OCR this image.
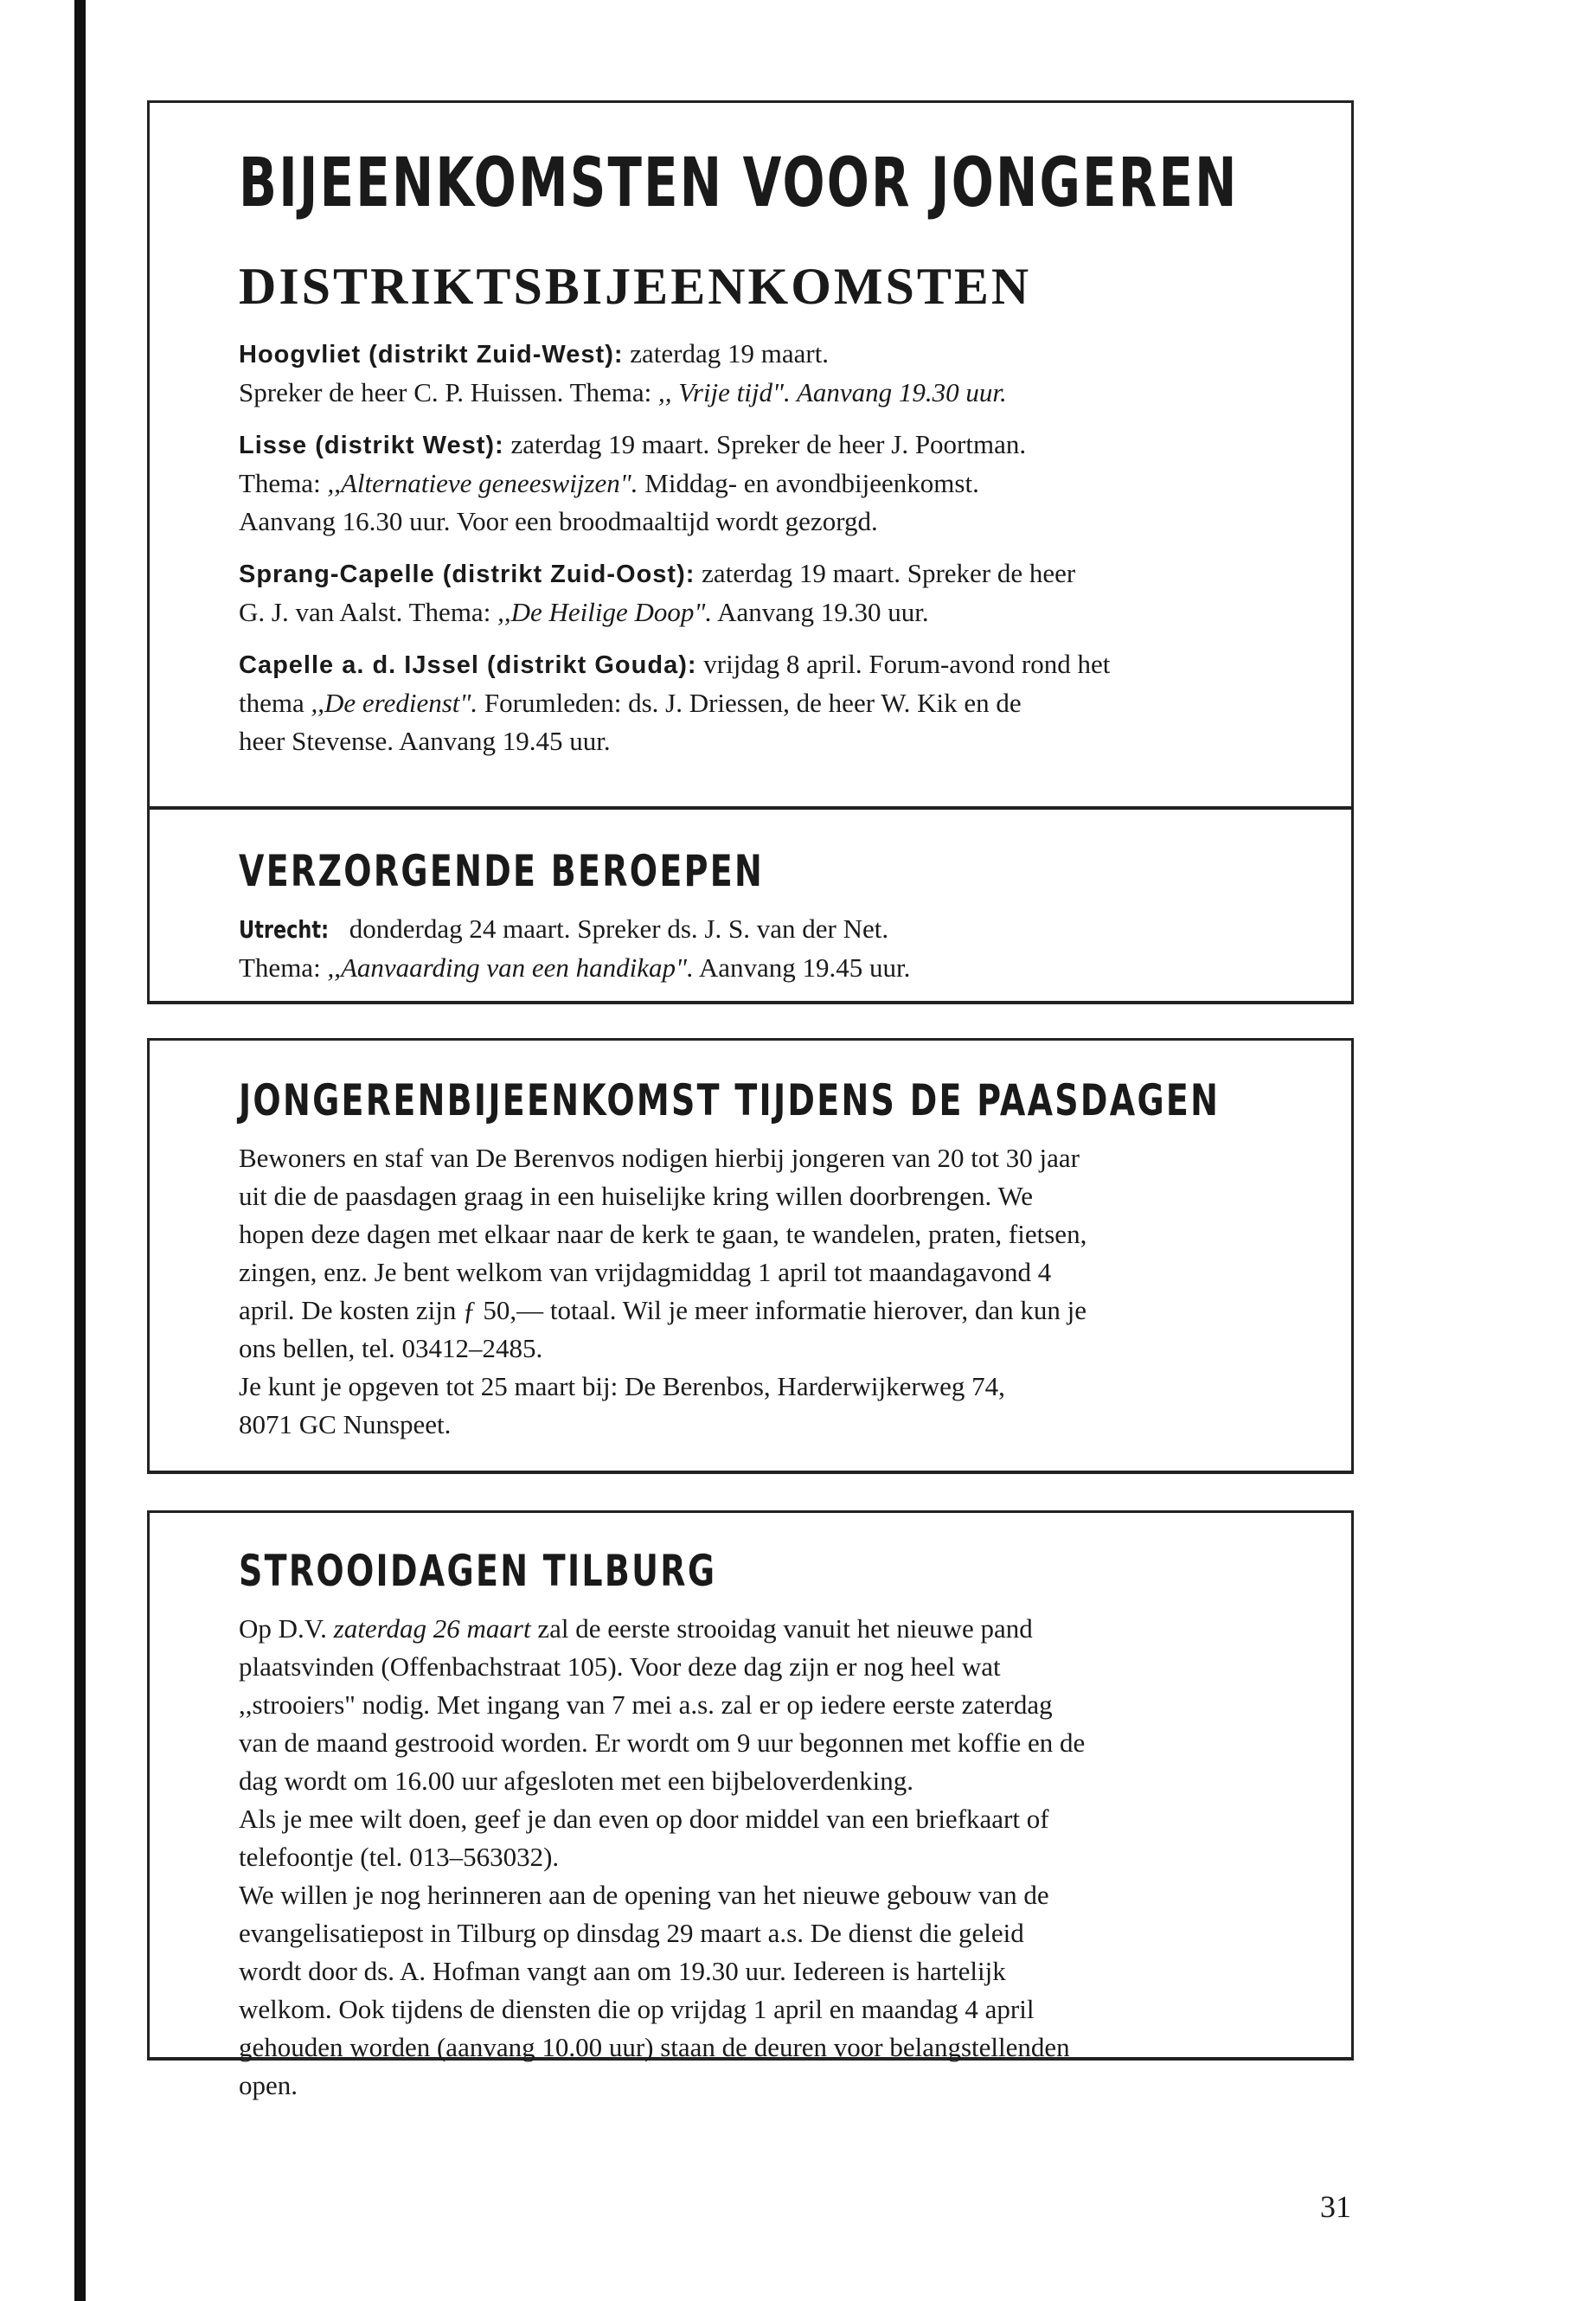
BIJEENKOMSTEN VOOR JONGEREN
DISTRIKTSBIJEENKOMSTEN

Hoogvliet (distrikt Zuid-West): zaterdag 19 maart.
Spreker de heer C. P. Huissen. Thema: ,, Vrije tijd". Aanvang 19.30 uur.

Lisse (distrikt West): zaterdag 19 maart. Spreker de heer J. Poortman.
Thema: ,,Alternatieve geneeswijzen". Middag- en avondbijeenkomst.
Aanvang 16.30 uur. Voor een broodmaaltijd wordt gezorgd.

Sprang-Capelle (distrikt Zuid-Oost): zaterdag 19 maart. Spreker de heer
G. J. van Aalst. Thema: ,,De Heilige Doop". Aanvang 19.30 uur.

Capelle a. d. IJssel (distrikt Gouda): vrijdag 8 april. Forum-avond rond het
thema ,,De eredienst". Forumleden: ds. J. Driessen, de heer W. Kik en de
heer Stevense. Aanvang 19.45 uur.

VERZORGENDE BEROEPEN
Utrecht: donderdag 24 maart. Spreker ds. J. S. van der Net.
Thema: ,,Aanvaarding van een handikap". Aanvang 19.45 uur.
JONGERENBIJEENKOMST TIJDENS DE PAASDAGEN
Bewoners en staf van De Berenvos nodigen hierbij jongeren van 20 tot 30 jaar
uit die de paasdagen graag in een huiselijke kring willen doorbrengen. We
hopen deze dagen met elkaar naar de kerk te gaan, te wandelen, praten, fietsen,
zingen, enz. Je bent welkom van vrijdagmiddag 1 april tot maandagavond 4
april. De kosten zijn ƒ 50,— totaal. Wil je meer informatie hierover, dan kun je
ons bellen, tel. 03412–2485.
Je kunt je opgeven tot 25 maart bij: De Berenbos, Harderwijkerweg 74,
8071 GC Nunspeet.
STROOIDAGEN TILBURG
Op D.V. zaterdag 26 maart zal de eerste strooidag vanuit het nieuwe pand
plaatsvinden (Offenbachstraat 105). Voor deze dag zijn er nog heel wat
,,strooiers" nodig. Met ingang van 7 mei a.s. zal er op iedere eerste zaterdag
van de maand gestrooid worden. Er wordt om 9 uur begonnen met koffie en de
dag wordt om 16.00 uur afgesloten met een bijbeloverdenking.
Als je mee wilt doen, geef je dan even op door middel van een briefkaart of
telefoontje (tel. 013–563032).
We willen je nog herinneren aan de opening van het nieuwe gebouw van de
evangelisatiepost in Tilburg op dinsdag 29 maart a.s. De dienst die geleid
wordt door ds. A. Hofman vangt aan om 19.30 uur. Iedereen is hartelijk
welkom. Ook tijdens de diensten die op vrijdag 1 april en maandag 4 april
gehouden worden (aanvang 10.00 uur) staan de deuren voor belangstellenden
open.

31
